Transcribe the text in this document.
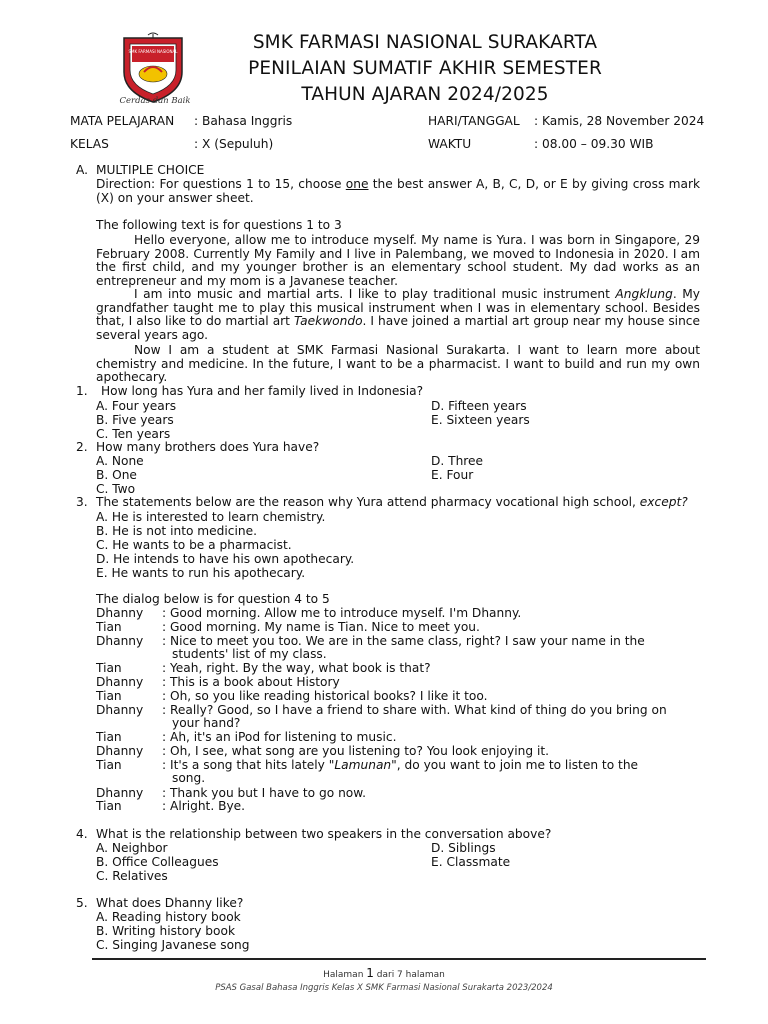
SMK FARMASI NASIONAL
Cerdas dan Baik
SMK FARMASI NASIONAL SURAKARTA
PENILAIAN SUMATIF AKHIR SEMESTER
TAHUN AJARAN 2024/2025
MATA PELAJARAN : Bahasa Inggris	HARI/TANGGAL : Kamis, 28 November 2024
KELAS	: X (Sepuluh)	WAKTU	: 08.00 – 09.30 WIB
A. MULTIPLE CHOICE
Direction: For questions 1 to 15, choose one the best answer A, B, C, D, or E by giving cross mark (X) on your answer sheet.
The following text is for questions 1 to 3
Hello everyone, allow me to introduce myself. My name is Yura. I was born in Singapore, 29 February 2008. Currently My Family and I live in Palembang, we moved to Indonesia in 2020. I am the first child, and my younger brother is an elementary school student. My dad works as an entrepreneur and my mom is a Javanese teacher.
I am into music and martial arts. I like to play traditional music instrument Angklung. My grandfather taught me to play this musical instrument when I was in elementary school. Besides that, I also like to do martial art Taekwondo. I have joined a martial art group near my house since several years ago.
Now I am a student at SMK Farmasi Nasional Surakarta. I want to learn more about chemistry and medicine. In the future, I want to be a pharmacist. I want to build and run my own apothecary.
1. How long has Yura and her family lived in Indonesia?
A. Four years
B. Five years
C. Ten years
D. Fifteen years
E. Sixteen years
2. How many brothers does Yura have?
A. None
B. One
C. Two
D. Three
E. Four
3. The statements below are the reason why Yura attend pharmacy vocational high school, except?
A. He is interested to learn chemistry.
B. He is not into medicine.
C. He wants to be a pharmacist.
D. He intends to have his own apothecary.
E. He wants to run his apothecary.
The dialog below is for question 4 to 5
Dhanny : Good morning. Allow me to introduce myself. I'm Dhanny.
Tian	: Good morning. My name is Tian. Nice to meet you.
Dhanny : Nice to meet you too. We are in the same class, right? I saw your name in the
students' list of my class.
Tian	: Yeah, right. By the way, what book is that?
Dhanny : This is a book about History
Tian	: Oh, so you like reading historical books? I like it too.
Dhanny : Really? Good, so I have a friend to share with. What kind of thing do you bring on
your hand?
Tian	: Ah, it's an iPod for listening to music.
Dhanny : Oh, I see, what song are you listening to? You look enjoying it.
Tian	: It's a song that hits lately "Lamunan", do you want to join me to listen to the
song.
Dhanny : Thank you but I have to go now.
Tian	: Alright. Bye.
4. What is the relationship between two speakers in the conversation above?
A. Neighbor
B. Office Colleagues
C. Relatives
D. Siblings
E. Classmate
5. What does Dhanny like?
A. Reading history book
B. Writing history book
C. Singing Javanese song
Halaman 1 dari 7 halaman
PSAS Gasal Bahasa Inggris Kelas X SMK Farmasi Nasional Surakarta 2023/2024
